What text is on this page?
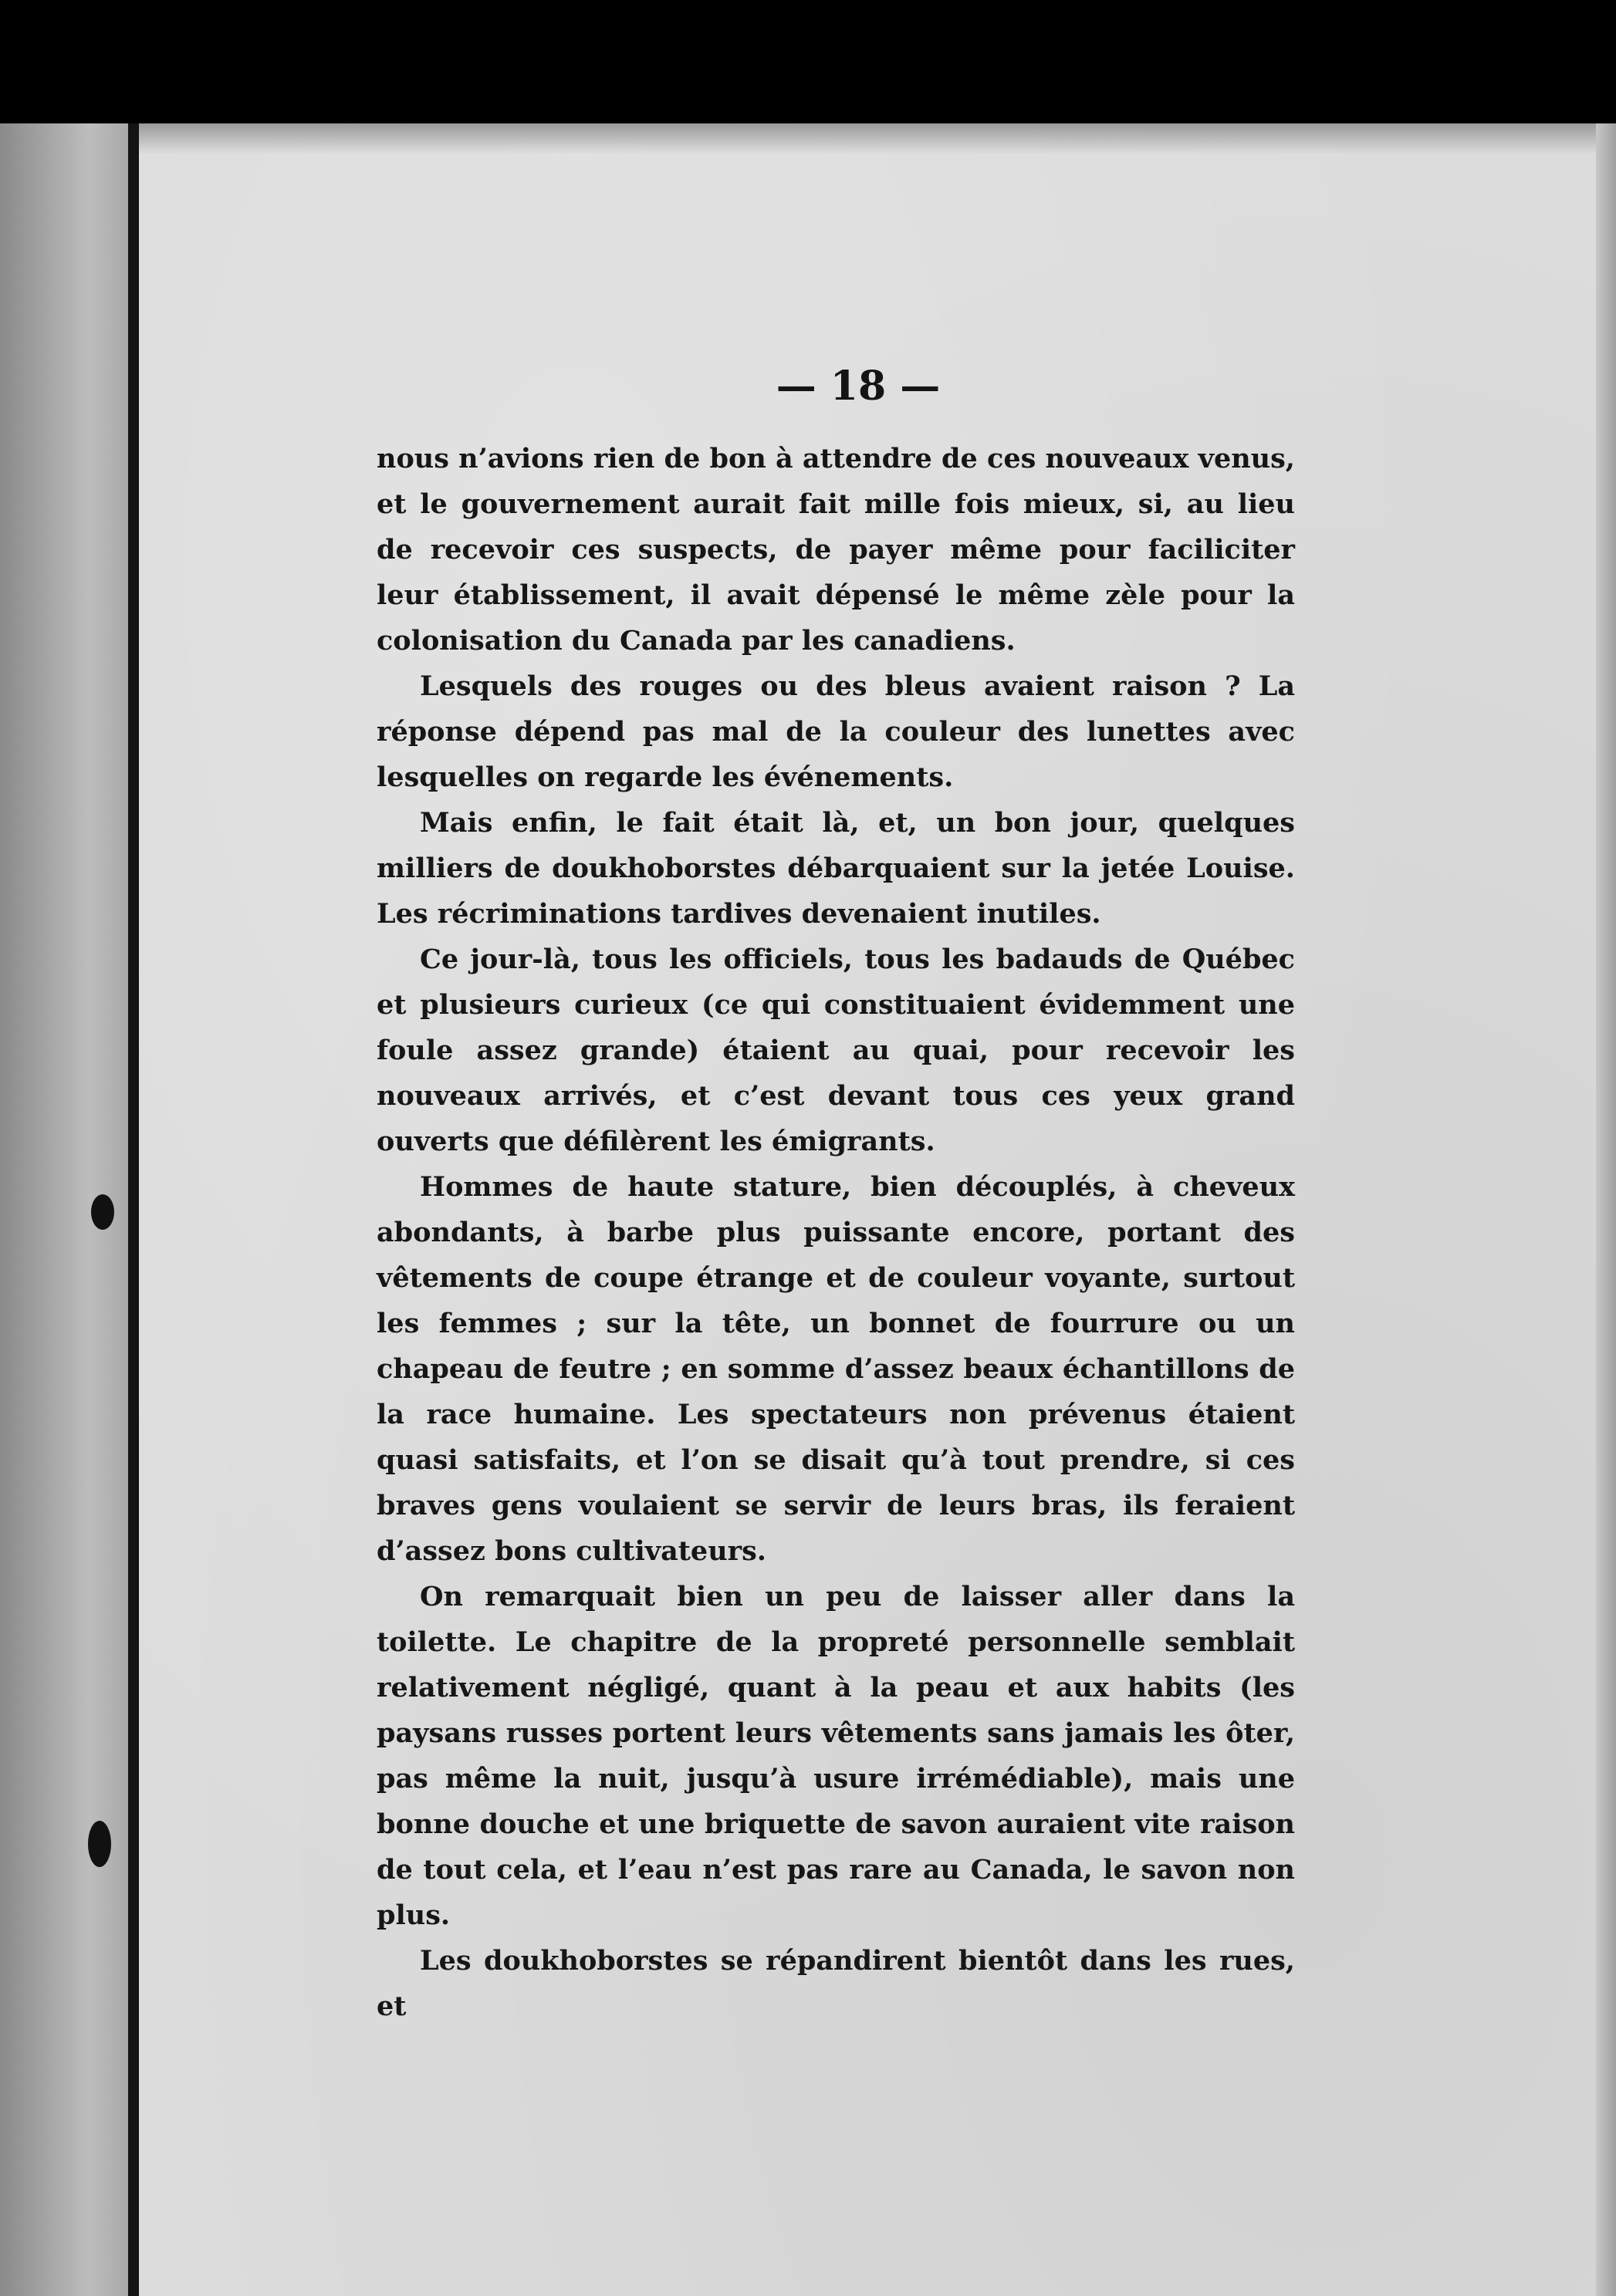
— 18 —

nous n’avions rien de bon à attendre de ces nouveaux venus, et le gouvernement aurait fait mille fois mieux, si, au lieu de recevoir ces suspects, de payer même pour faciliciter leur établissement, il avait dépensé le même zèle pour la colonisation du Canada par les canadiens.

Lesquels des rouges ou des bleus avaient raison ? La réponse dépend pas mal de la couleur des lunettes avec lesquelles on regarde les événements.

Mais enfin, le fait était là, et, un bon jour, quelques milliers de doukhoborstes débarquaient sur la jetée Louise. Les récriminations tardives devenaient inutiles.

Ce jour-là, tous les officiels, tous les badauds de Québec et plusieurs curieux (ce qui constituaient évidemment une foule assez grande) étaient au quai, pour recevoir les nouveaux arrivés, et c’est devant tous ces yeux grand ouverts que défilèrent les émigrants.

Hommes de haute stature, bien découplés, à cheveux abondants, à barbe plus puissante encore, portant des vêtements de coupe étrange et de couleur voyante, surtout les femmes ; sur la tête, un bonnet de fourrure ou un chapeau de feutre ; en somme d’assez beaux échantillons de la race humaine. Les spectateurs non prévenus étaient quasi satisfaits, et l’on se disait qu’à tout prendre, si ces braves gens voulaient se servir de leurs bras, ils feraient d’assez bons cultivateurs.

On remarquait bien un peu de laisser aller dans la toilette. Le chapitre de la propreté personnelle semblait relativement négligé, quant à la peau et aux habits (les paysans russes portent leurs vêtements sans jamais les ôter, pas même la nuit, jusqu’à usure irrémédiable), mais une bonne douche et une briquette de savon auraient vite raison de tout cela, et l’eau n’est pas rare au Canada, le savon non plus.

Les doukhoborstes se répandirent bientôt dans les rues, et
